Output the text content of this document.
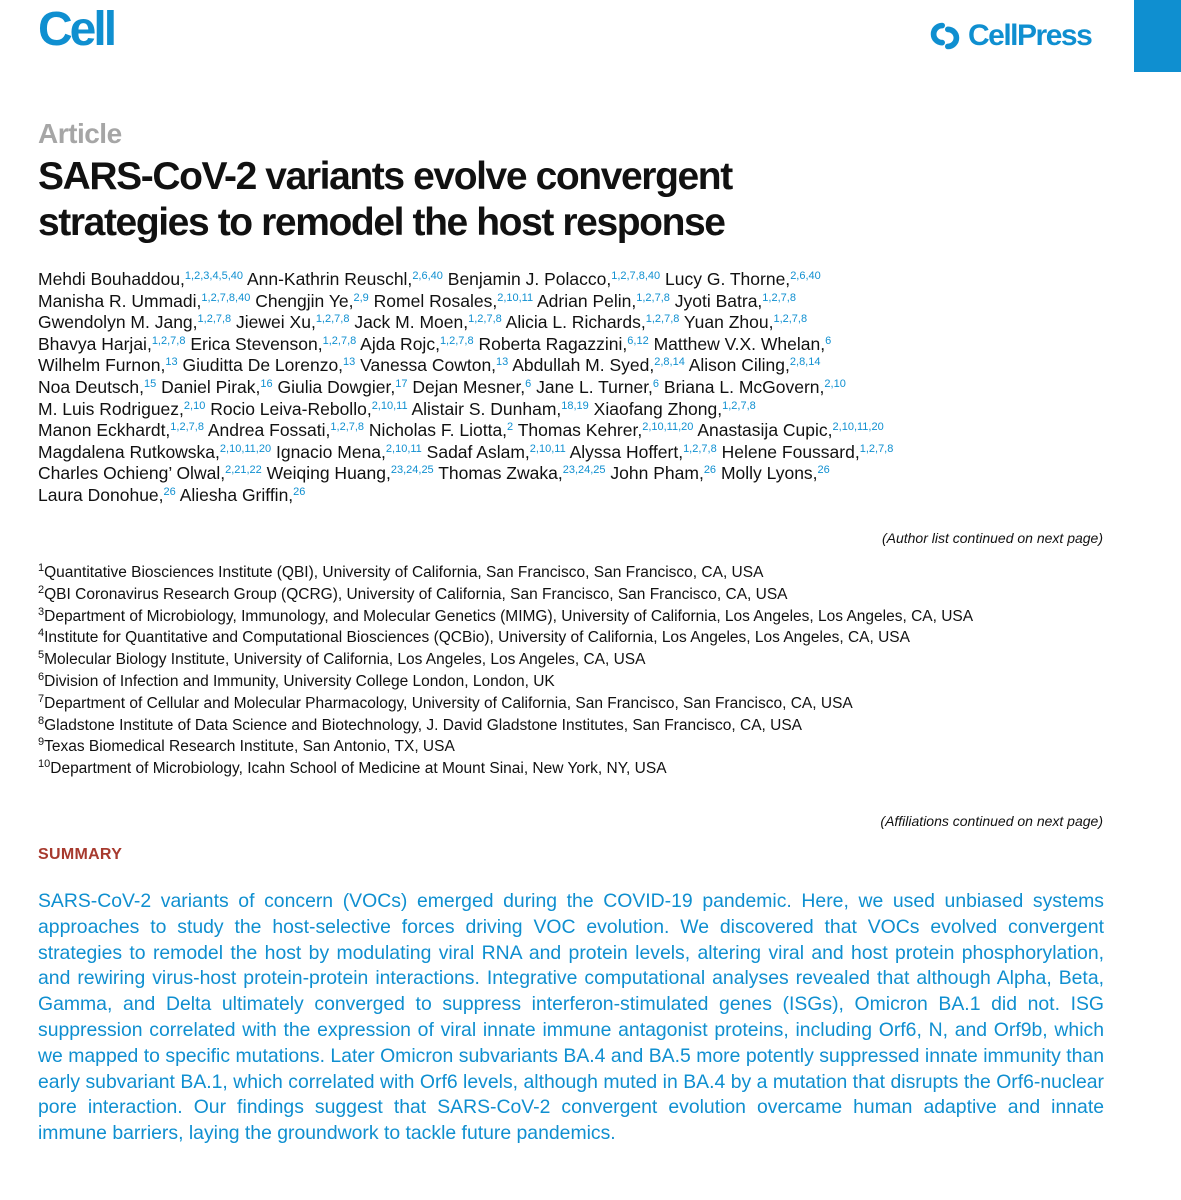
Cell	CellPress
Article
SARS-CoV-2 variants evolve convergent
strategies to remodel the host response
Mehdi Bouhaddou,$^{1,2,3,4,5,40}$ Ann-Kathrin Reuschl,$^{2,6,40}$ Benjamin J. Polacco,$^{1,2,7,8,40}$ Lucy G. Thorne,$^{2,6,40}$
Manisha R. Ummadi,$^{1,2,7,8,40}$ Chengjin Ye,$^{2,9}$ Romel Rosales,$^{2,10,11}$ Adrian Pelin,$^{1,2,7,8}$ Jyoti Batra,$^{1,2,7,8}$
Gwendolyn M. Jang,$^{1,2,7,8}$ Jiewei Xu,$^{1,2,7,8}$ Jack M. Moen,$^{1,2,7,8}$ Alicia L. Richards,$^{1,2,7,8}$ Yuan Zhou,$^{1,2,7,8}$
Bhavya Harjai,$^{1,2,7,8}$ Erica Stevenson,$^{1,2,7,8}$ Ajda Rojc,$^{1,2,7,8}$ Roberta Ragazzini,$^{6,12}$ Matthew V.X. Whelan,$^6$
Wilhelm Furnon,$^{13}$ Giuditta De Lorenzo,$^{13}$ Vanessa Cowton,$^{13}$ Abdullah M. Syed,$^{2,8,14}$ Alison Ciling,$^{2,8,14}$
Noa Deutsch,$^{15}$ Daniel Pirak,$^{16}$ Giulia Dowgier,$^{17}$ Dejan Mesner,$^6$ Jane L. Turner,$^6$ Briana L. McGovern,$^{2,10}$
M. Luis Rodriguez,$^{2,10}$ Rocio Leiva-Rebollo,$^{2,10,11}$ Alistair S. Dunham,$^{18,19}$ Xiaofang Zhong,$^{1,2,7,8}$
Manon Eckhardt,$^{1,2,7,8}$ Andrea Fossati,$^{1,2,7,8}$ Nicholas F. Liotta,$^2$ Thomas Kehrer,$^{2,10,11,20}$ Anastasija Cupic,$^{2,10,11,20}$
Magdalena Rutkowska,$^{2,10,11,20}$ Ignacio Mena,$^{2,10,11}$ Sadaf Aslam,$^{2,10,11}$ Alyssa Hoffert,$^{1,2,7,8}$ Helene Foussard,$^{1,2,7,8}$
Charles Ochieng’ Olwal,$^{2,21,22}$ Weiqing Huang,$^{23,24,25}$ Thomas Zwaka,$^{23,24,25}$ John Pham,$^{26}$ Molly Lyons,$^{26}$
Laura Donohue,$^{26}$ Aliesha Griffin,$^{26}$
(Author list continued on next page)
$^1$Quantitative Biosciences Institute (QBI), University of California, San Francisco, San Francisco, CA, USA
$^2$QBI Coronavirus Research Group (QCRG), University of California, San Francisco, San Francisco, CA, USA
$^3$Department of Microbiology, Immunology, and Molecular Genetics (MIMG), University of California, Los Angeles, Los Angeles, CA, USA
$^4$Institute for Quantitative and Computational Biosciences (QCBio), University of California, Los Angeles, Los Angeles, CA, USA
$^5$Molecular Biology Institute, University of California, Los Angeles, Los Angeles, CA, USA
$^6$Division of Infection and Immunity, University College London, London, UK
$^7$Department of Cellular and Molecular Pharmacology, University of California, San Francisco, San Francisco, CA, USA
$^8$Gladstone Institute of Data Science and Biotechnology, J. David Gladstone Institutes, San Francisco, CA, USA
$^9$Texas Biomedical Research Institute, San Antonio, TX, USA
$^{10}$Department of Microbiology, Icahn School of Medicine at Mount Sinai, New York, NY, USA
(Affiliations continued on next page)
SUMMARY
SARS-CoV-2 variants of concern (VOCs) emerged during the COVID-19 pandemic. Here, we used unbiased systems approaches to study the host-selective forces driving VOC evolution. We discovered that VOCs evolved convergent strategies to remodel the host by modulating viral RNA and protein levels, altering viral and host protein phosphorylation, and rewiring virus-host protein-protein interactions. Integrative computational analyses revealed that although Alpha, Beta, Gamma, and Delta ultimately converged to suppress interferon-stimulated genes (ISGs), Omicron BA.1 did not. ISG suppression correlated with the expression of viral innate immune antagonist proteins, including Orf6, N, and Orf9b, which we mapped to specific mutations. Later Omicron subvariants BA.4 and BA.5 more potently suppressed innate immunity than early subvariant BA.1, which correlated with Orf6 levels, although muted in BA.4 by a mutation that disrupts the Orf6-nuclear pore interaction. Our findings suggest that SARS-CoV-2 convergent evolution overcame human adaptive and innate immune barriers, laying the groundwork to tackle future pandemics.
